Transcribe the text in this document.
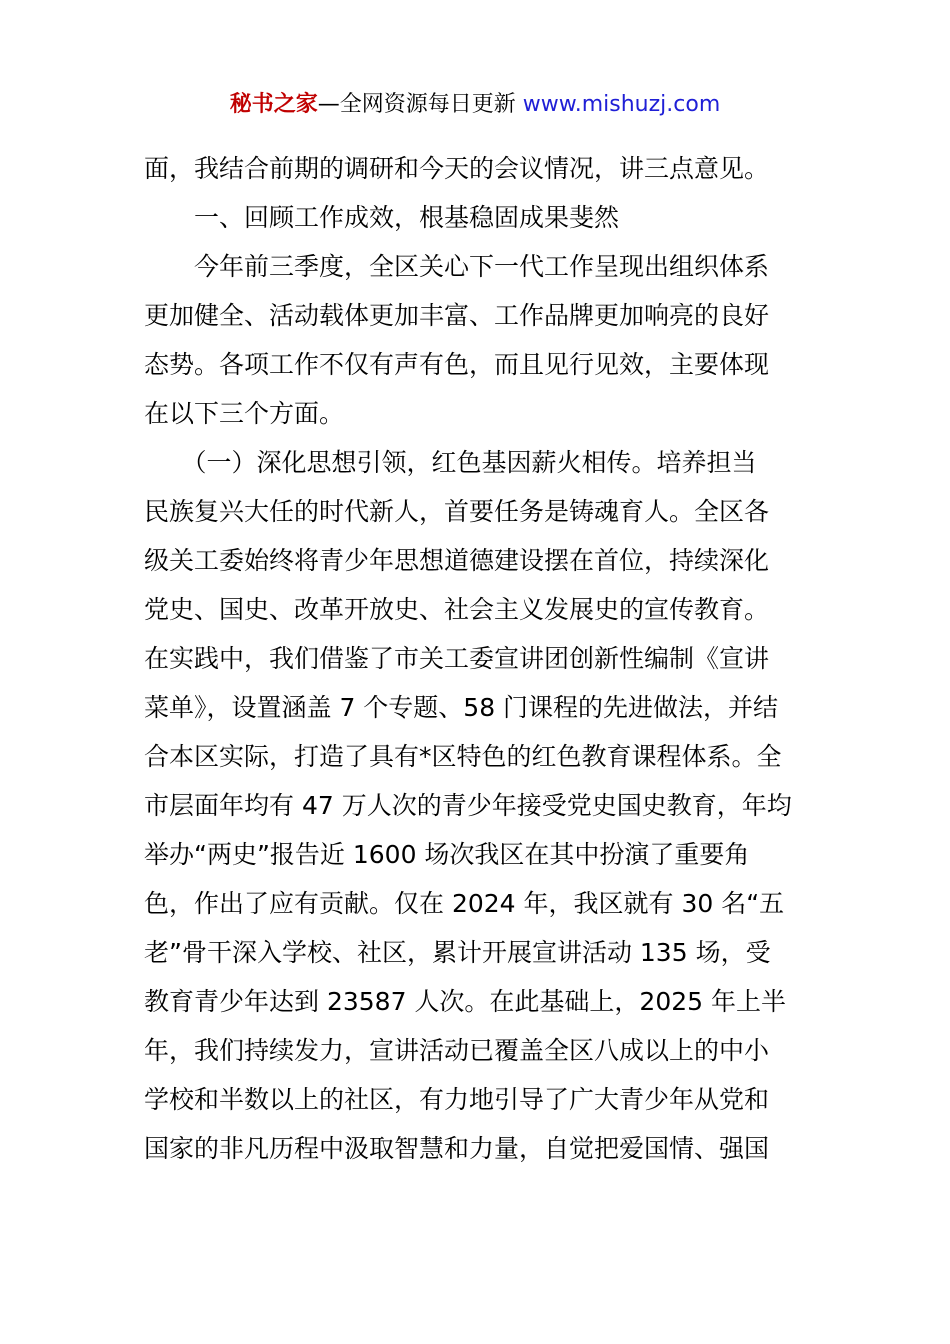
秘书之家—全网资源每日更新 www.mishuzj.com
面，我结合前期的调研和今天的会议情况，讲三点意见。
　　一、回顾工作成效，根基稳固成果斐然
　　今年前三季度，全区关心下一代工作呈现出组织体系
更加健全、活动载体更加丰富、工作品牌更加响亮的良好
态势。各项工作不仅有声有色，而且见行见效，主要体现
在以下三个方面。
　　（一）深化思想引领，红色基因薪火相传。培养担当
民族复兴大任的时代新人，首要任务是铸魂育人。全区各
级关工委始终将青少年思想道德建设摆在首位，持续深化
党史、国史、改革开放史、社会主义发展史的宣传教育。
在实践中，我们借鉴了市关工委宣讲团创新性编制《宣讲
菜单》，设置涵盖 7 个专题、58 门课程的先进做法，并结
合本区实际，打造了具有*区特色的红色教育课程体系。全
市层面年均有 47 万人次的青少年接受党史国史教育，年均
举办“两史”报告近 1600 场次我区在其中扮演了重要角
色，作出了应有贡献。仅在 2024 年，我区就有 30 名“五
老”骨干深入学校、社区，累计开展宣讲活动 135 场，受
教育青少年达到 23587 人次。在此基础上，2025 年上半
年，我们持续发力，宣讲活动已覆盖全区八成以上的中小
学校和半数以上的社区，有力地引导了广大青少年从党和
国家的非凡历程中汲取智慧和力量，自觉把爱国情、强国
